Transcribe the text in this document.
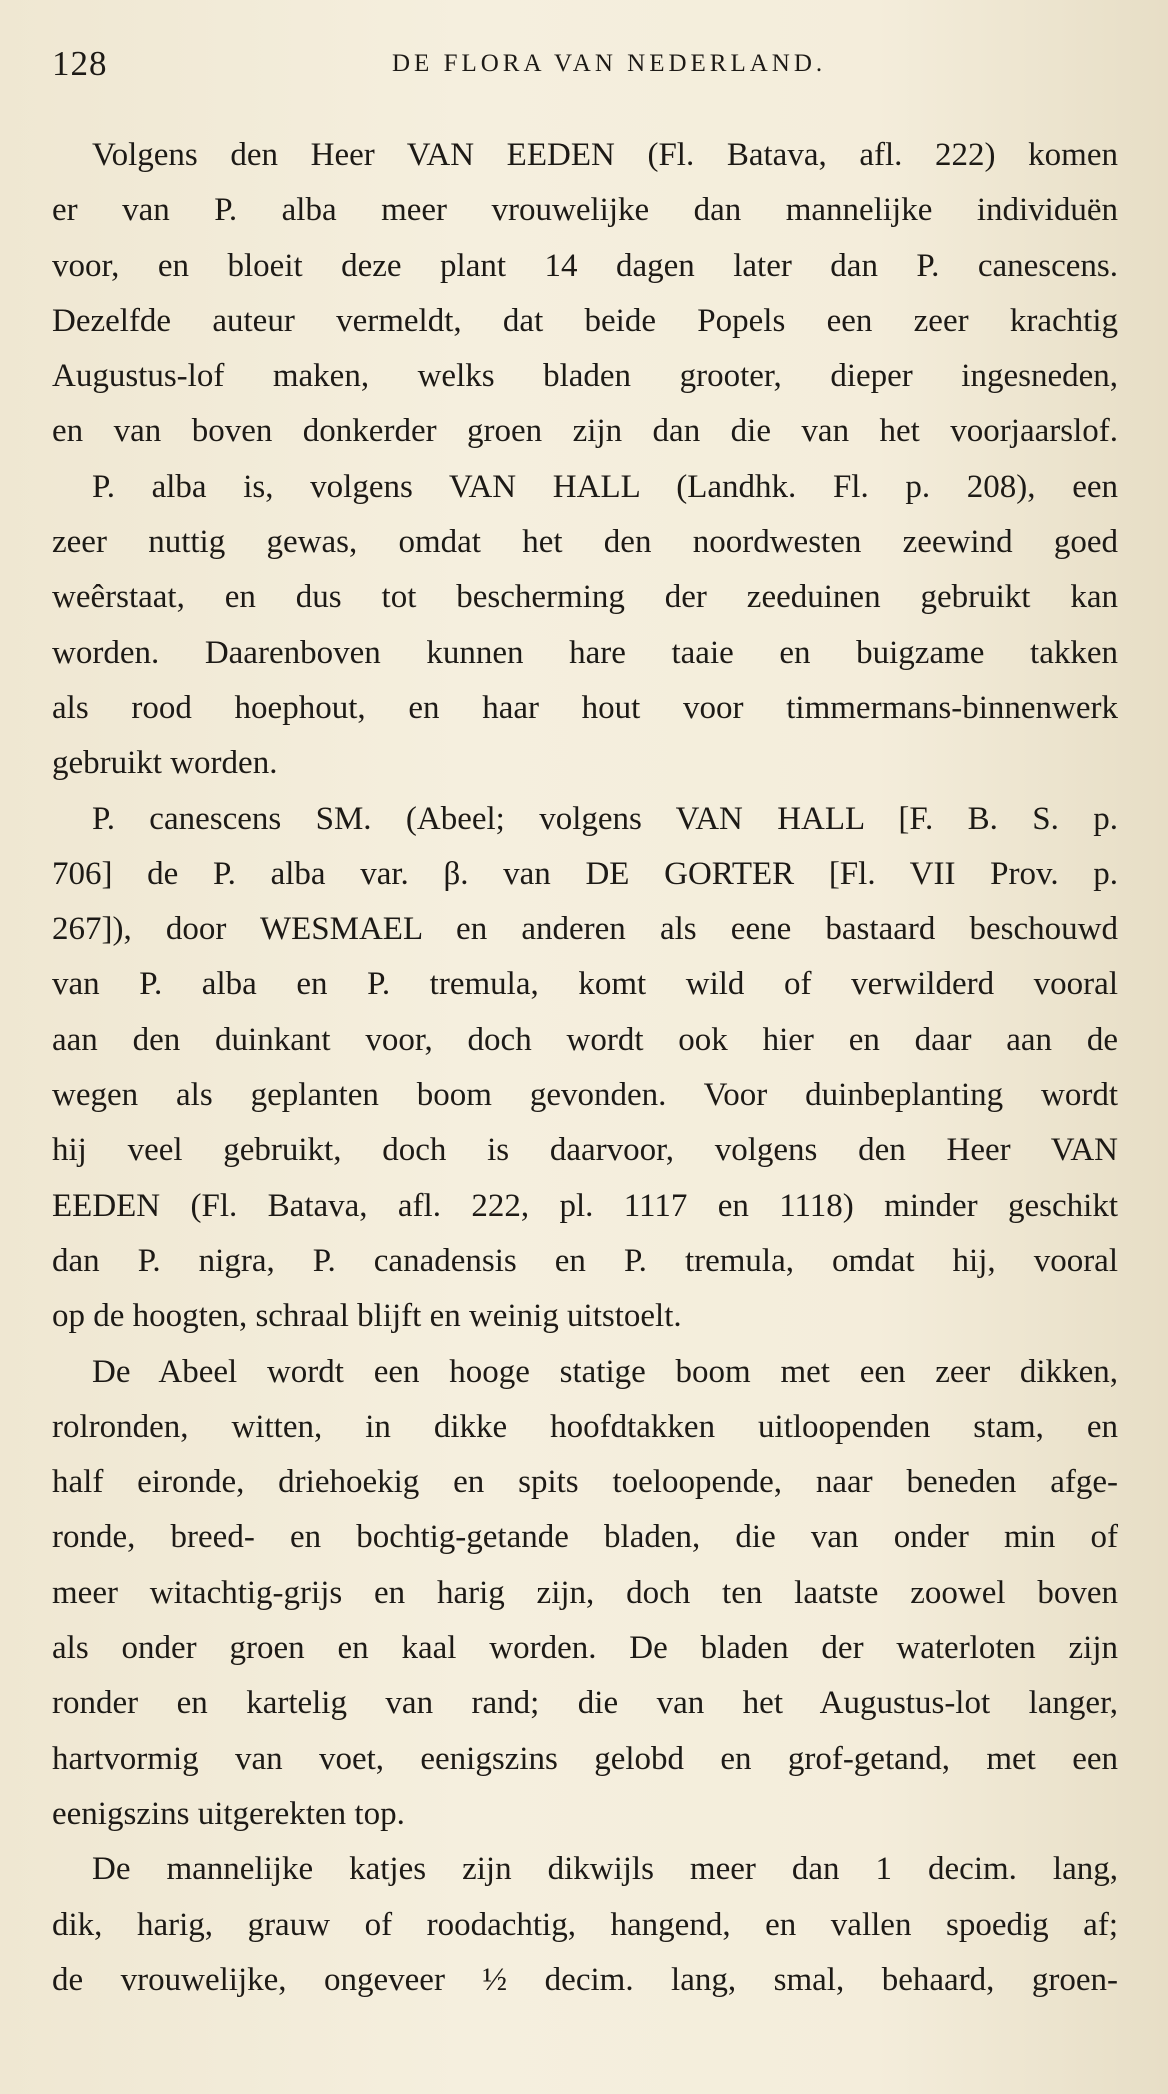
128	DE FLORA VAN NEDERLAND.
Volgens den Heer VAN EEDEN (Fl. Batava, afl. 222) komen
er van P. alba meer vrouwelijke dan mannelijke individuën
voor, en bloeit deze plant 14 dagen later dan P. canescens.
Dezelfde auteur vermeldt, dat beide Popels een zeer krachtig
Augustus-lof maken, welks bladen grooter, dieper ingesneden,
en van boven donkerder groen zijn dan die van het voorjaarslof.
P. alba is, volgens VAN HALL (Landhk. Fl. p. 208), een
zeer nuttig gewas, omdat het den noordwesten zeewind goed
weêrstaat, en dus tot bescherming der zeeduinen gebruikt kan
worden. Daarenboven kunnen hare taaie en buigzame takken
als rood hoephout, en haar hout voor timmermans-binnenwerk
gebruikt worden.
P. canescens SM. (Abeel; volgens VAN HALL [F. B. S. p.
706] de P. alba var. β. van DE GORTER [Fl. VII Prov. p.
267]), door WESMAEL en anderen als eene bastaard beschouwd
van P. alba en P. tremula, komt wild of verwilderd vooral
aan den duinkant voor, doch wordt ook hier en daar aan de
wegen als geplanten boom gevonden. Voor duinbeplanting wordt
hij veel gebruikt, doch is daarvoor, volgens den Heer VAN
EEDEN (Fl. Batava, afl. 222, pl. 1117 en 1118) minder geschikt
dan P. nigra, P. canadensis en P. tremula, omdat hij, vooral
op de hoogten, schraal blijft en weinig uitstoelt.
De Abeel wordt een hooge statige boom met een zeer dikken,
rolronden, witten, in dikke hoofdtakken uitloopenden stam, en
half eironde, driehoekig en spits toeloopende, naar beneden afge-
ronde, breed- en bochtig-getande bladen, die van onder min of
meer witachtig-grijs en harig zijn, doch ten laatste zoowel boven
als onder groen en kaal worden. De bladen der waterloten zijn
ronder en kartelig van rand; die van het Augustus-lot langer,
hartvormig van voet, eenigszins gelobd en grof-getand, met een
eenigszins uitgerekten top.
De mannelijke katjes zijn dikwijls meer dan 1 decim. lang,
dik, harig, grauw of roodachtig, hangend, en vallen spoedig af;
de vrouwelijke, ongeveer ½ decim. lang, smal, behaard, groen-
